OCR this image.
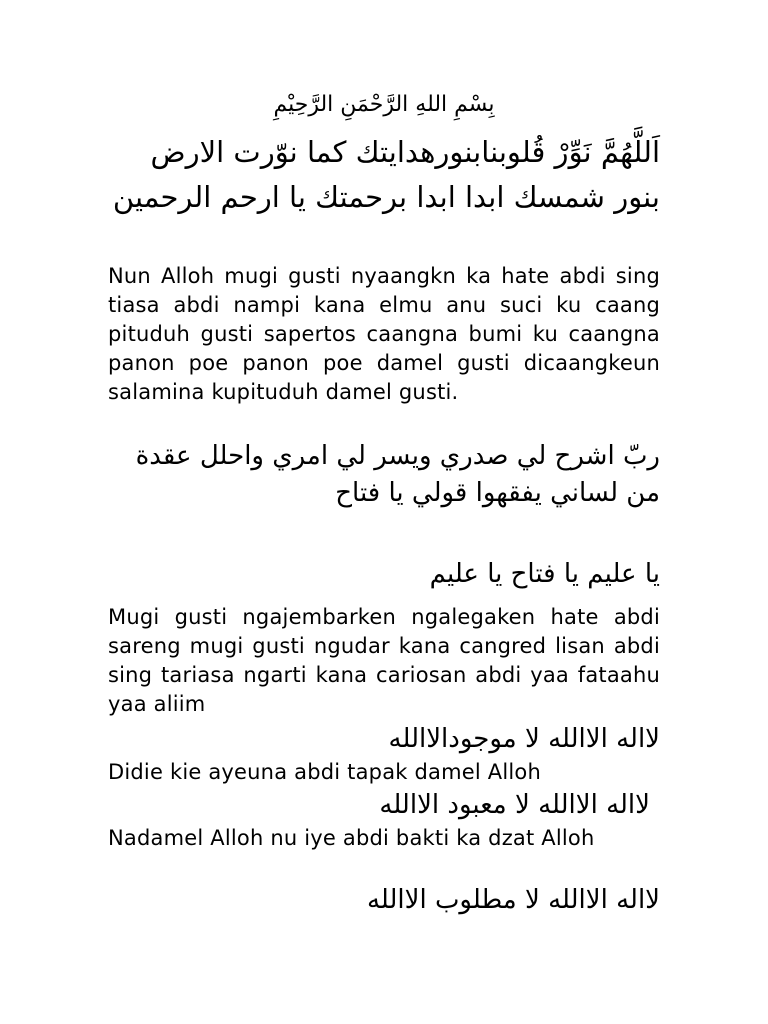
بِسْمِ اللهِ الرَّحْمَنِ الرَّحِيْمِ

اَللَّهُمَّ نَوِّرْ قُلوبنابنورهدايتك كما نوّرت الارض بنور شمسك ابدا ابدا برحمتك يا ارحم الرحمين

Nun Alloh mugi gusti nyaangkn ka hate abdi sing tiasa abdi nampi kana elmu anu suci ku caang pituduh gusti sapertos caangna bumi ku caangna panon poe panon poe damel gusti dicaangkeun salamina kupituduh damel gusti.

ربّ اشرح لي صدري ويسر لي امري واحلل عقدة من لساني يفقهوا قولي يا فتاح

يا عليم يا فتاح يا عليم

Mugi gusti ngajembarken ngalegaken hate abdi sareng mugi gusti ngudar kana cangred lisan abdi sing tariasa ngarti kana cariosan abdi yaa fataahu yaa aliim

لااله الاالله لا موجودالاالله

Didie kie ayeuna abdi tapak damel Alloh

لااله الاالله لا معبود الاالله

Nadamel Alloh nu iye abdi bakti ka dzat Alloh

لااله الاالله لا مطلوب الاالله
